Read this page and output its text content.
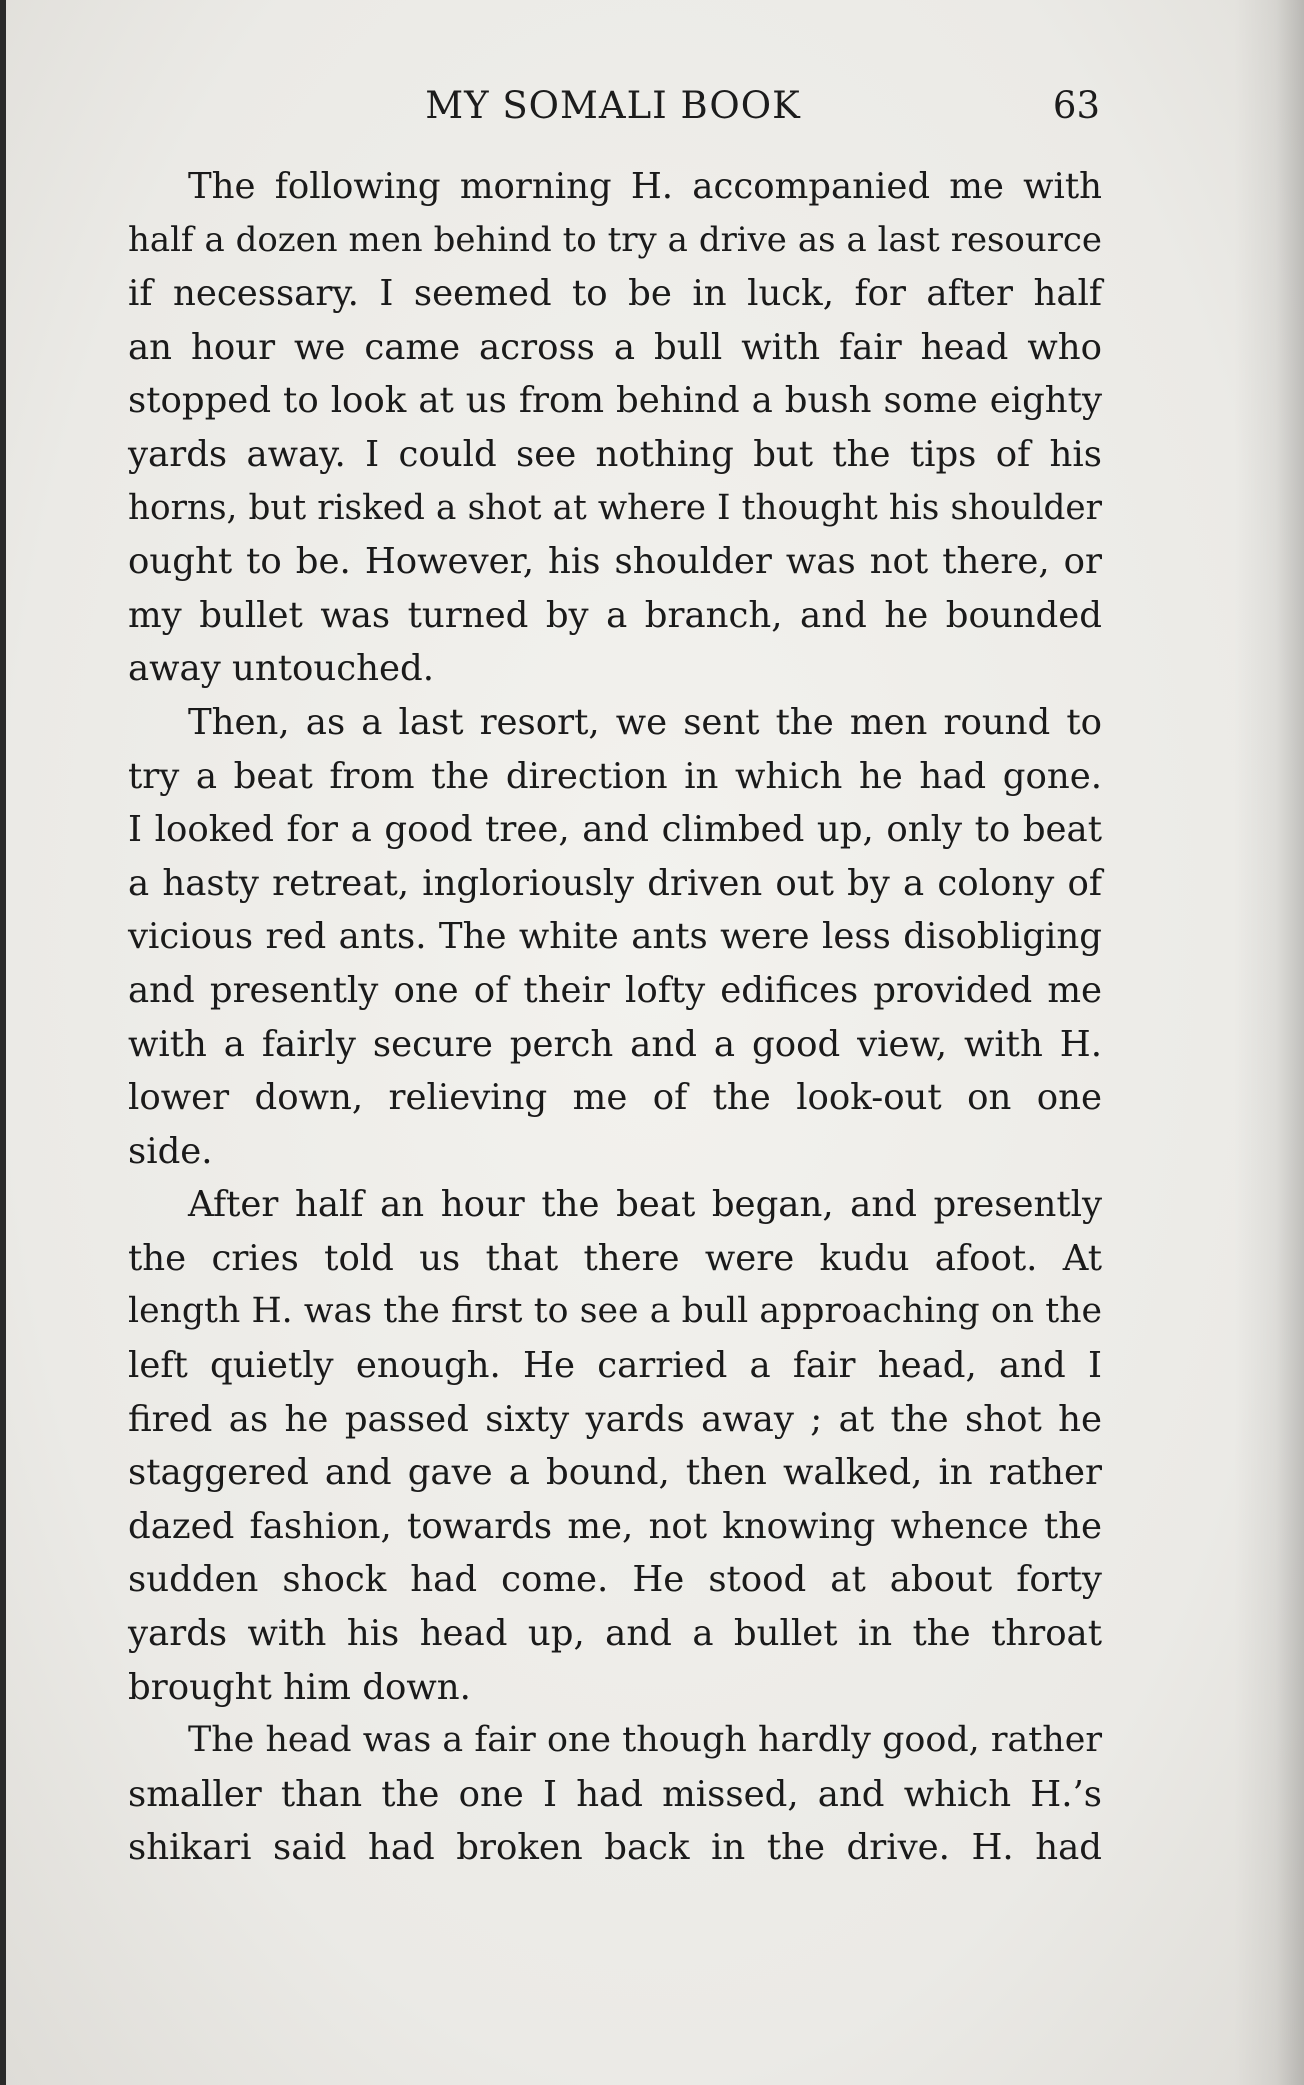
MY SOMALI BOOK	63

The following morning H. accompanied me with
half a dozen men behind to try a drive as a last resource
if necessary. I seemed to be in luck, for after half
an hour we came across a bull with fair head who
stopped to look at us from behind a bush some eighty
yards away. I could see nothing but the tips of his
horns, but risked a shot at where I thought his shoulder
ought to be. However, his shoulder was not there, or
my bullet was turned by a branch, and he bounded
away untouched.

Then, as a last resort, we sent the men round to
try a beat from the direction in which he had gone.
I looked for a good tree, and climbed up, only to beat
a hasty retreat, ingloriously driven out by a colony of
vicious red ants. The white ants were less disobliging
and presently one of their lofty edifices provided me
with a fairly secure perch and a good view, with H.
lower down, relieving me of the look-out on one
side.

After half an hour the beat began, and presently
the cries told us that there were kudu afoot. At
length H. was the first to see a bull approaching on the
left quietly enough. He carried a fair head, and I
fired as he passed sixty yards away ; at the shot he
staggered and gave a bound, then walked, in rather
dazed fashion, towards me, not knowing whence the
sudden shock had come. He stood at about forty
yards with his head up, and a bullet in the throat
brought him down.

The head was a fair one though hardly good, rather
smaller than the one I had missed, and which H.’s
shikari said had broken back in the drive. H. had
